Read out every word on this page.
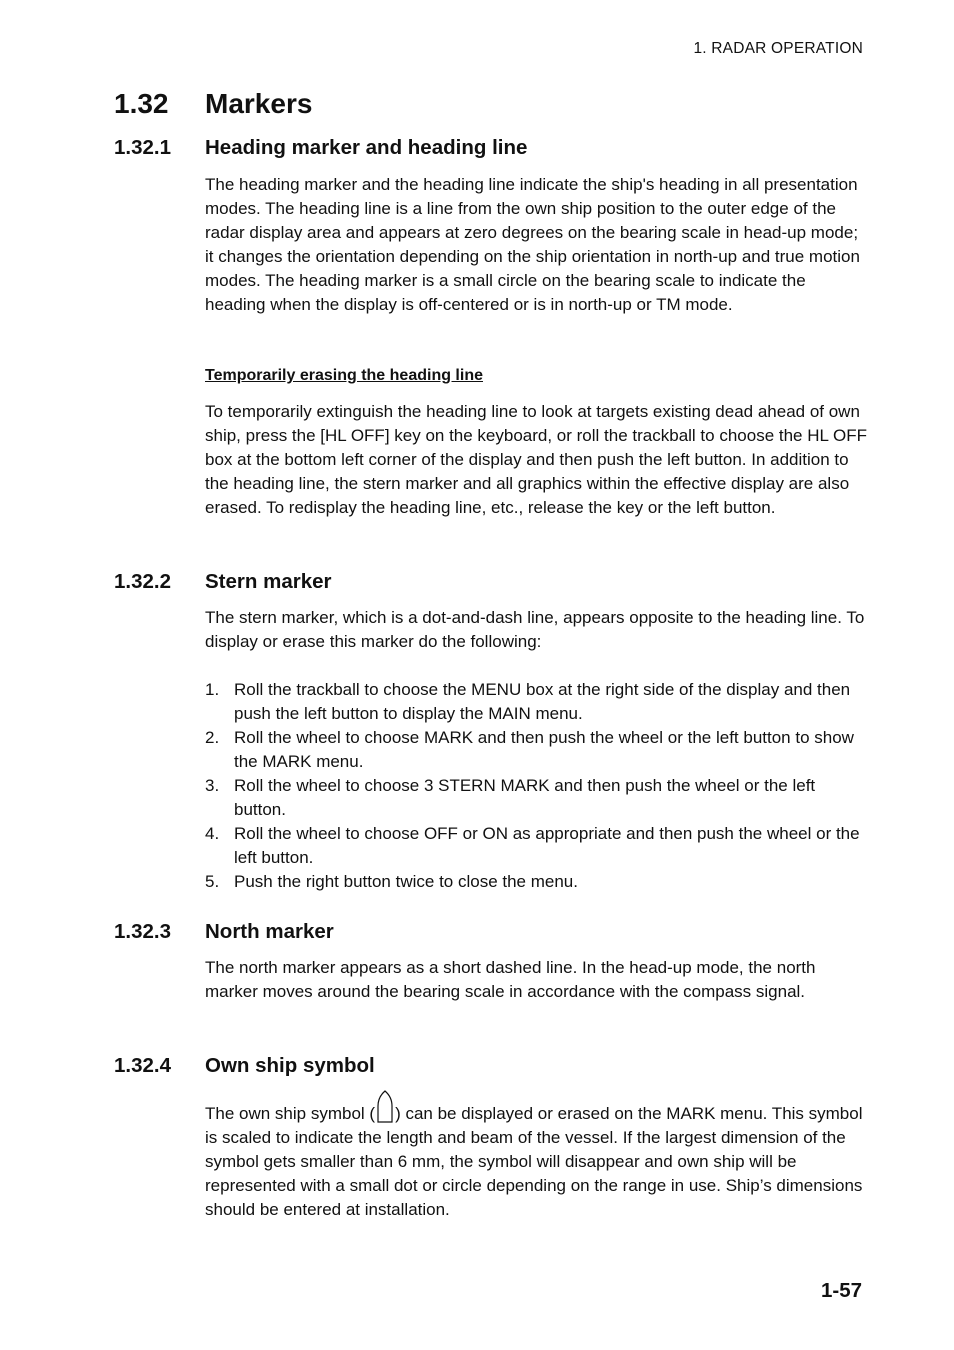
1. RADAR OPERATION
1.32 Markers
1.32.1 Heading marker and heading line

The heading marker and the heading line indicate the ship's heading in all presentation modes. The heading line is a line from the own ship position to the outer edge of the radar display area and appears at zero degrees on the bearing scale in head-up mode; it changes the orientation depending on the ship orientation in north-up and true motion modes. The heading marker is a small circle on the bearing scale to indicate the heading when the display is off-centered or is in north-up or TM mode.

Temporarily erasing the heading line

To temporarily extinguish the heading line to look at targets existing dead ahead of own ship, press the [HL OFF] key on the keyboard, or roll the trackball to choose the HL OFF box at the bottom left corner of the display and then push the left button. In addition to the heading line, the stern marker and all graphics within the effective display are also erased. To redisplay the heading line, etc., release the key or the left button.

1.32.2 Stern marker

The stern marker, which is a dot-and-dash line, appears opposite to the heading line. To display or erase this marker do the following:

1. Roll the trackball to choose the MENU box at the right side of the display and then push the left button to display the MAIN menu.
2. Roll the wheel to choose MARK and then push the wheel or the left button to show the MARK menu.
3. Roll the wheel to choose 3 STERN MARK and then push the wheel or the left button.
4. Roll the wheel to choose OFF or ON as appropriate and then push the wheel or the left button.
5. Push the right button twice to close the menu.
1.32.3 North marker

The north marker appears as a short dashed line. In the head-up mode, the north marker moves around the bearing scale in accordance with the compass signal.

1.32.4 Own ship symbol

The own ship symbol ( ) can be displayed or erased on the MARK menu. This symbol is scaled to indicate the length and beam of the vessel. If the largest dimension of the symbol gets smaller than 6 mm, the symbol will disappear and own ship will be represented with a small dot or circle depending on the range in use. Ship’s dimensions should be entered at installation.

1-57
